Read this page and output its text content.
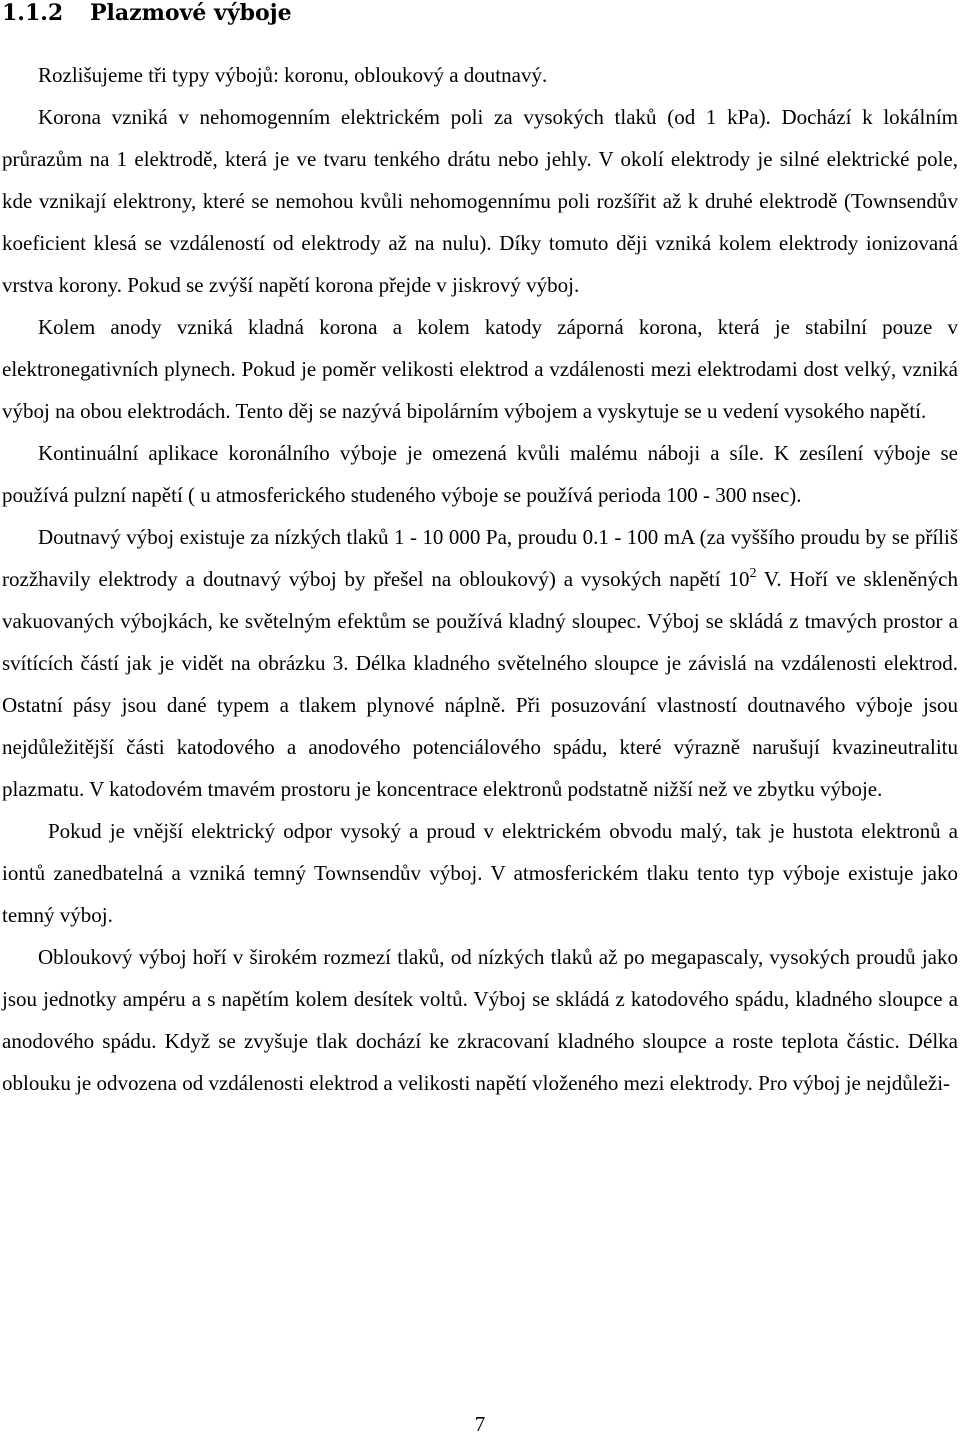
1.1.2 Plazmové výboje

Rozlišujeme tři typy výbojů: koronu, obloukový a doutnavý.

Korona vzniká v nehomogenním elektrickém poli za vysokých tlaků (od 1 kPa). Dochází k lokálním průrazům na 1 elektrodě, která je ve tvaru tenkého drátu nebo jehly. V okolí elektrody je silné elektrické pole, kde vznikají elektrony, které se nemohou kvůli nehomogennímu poli rozšířit až k druhé elektrodě (Townsendův koeficient klesá se vzdáleností od elektrody až na nulu). Díky tomuto ději vzniká kolem elektrody ionizovaná vrstva korony. Pokud se zvýší napětí korona přejde v jiskrový výboj.

Kolem anody vzniká kladná korona a kolem katody záporná korona, která je stabilní pouze v elektronegativních plynech. Pokud je poměr velikosti elektrod a vzdálenosti mezi elektrodami dost velký, vzniká výboj na obou elektrodách. Tento děj se nazývá bipolárním výbojem a vyskytuje se u vedení vysokého napětí.

Kontinuální aplikace koronálního výboje je omezená kvůli malému náboji a síle. K zesílení výboje se používá pulzní napětí ( u atmosferického studeného výboje se používá perioda 100 - 300 nsec).

Doutnavý výboj existuje za nízkých tlaků 1 - 10 000 Pa, proudu 0.1 - 100 mA (za vyššího proudu by se příliš rozžhavily elektrody a doutnavý výboj by přešel na obloukový) a vysokých napětí $10^2$ V. Hoří ve skleněných vakuovaných výbojkách, ke světelným efektům se používá kladný sloupec. Výboj se skládá z tmavých prostor a svítících částí jak je vidět na obrázku 3. Délka kladného světelného sloupce je závislá na vzdálenosti elektrod. Ostatní pásy jsou dané typem a tlakem plynové náplně. Při posuzování vlastností doutnavého výboje jsou nejdůležitější části katodového a anodového potenciálového spádu, které výrazně narušují kvazineutralitu plazmatu. V katodovém tmavém prostoru je koncentrace elektronů podstatně nižší než ve zbytku výboje.

Pokud je vnější elektrický odpor vysoký a proud v elektrickém obvodu malý, tak je hustota elektronů a iontů zanedbatelná a vzniká temný Townsendův výboj. V atmosferickém tlaku tento typ výboje existuje jako temný výboj.

Obloukový výboj hoří v širokém rozmezí tlaků, od nízkých tlaků až po megapascaly, vysokých proudů jako jsou jednotky ampéru a s napětím kolem desítek voltů. Výboj se skládá z katodového spádu, kladného sloupce a anodového spádu. Když se zvyšuje tlak dochází ke zkracovaní kladného sloupce a roste teplota částic. Délka oblouku je odvozena od vzdálenosti elektrod a velikosti napětí vloženého mezi elektrody. Pro výboj je nejdůleži-

7
